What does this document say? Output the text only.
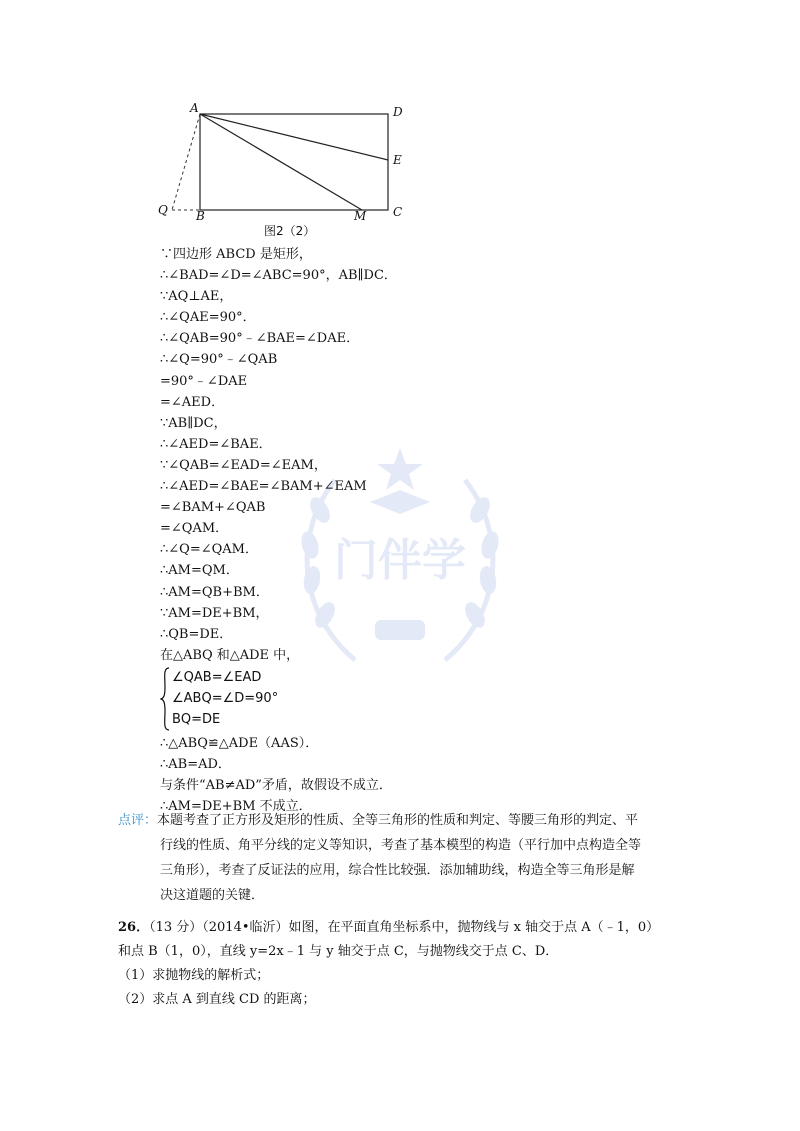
A	D
E
C
B	M
Q
图2（2）
门伴学
∵四边形 ABCD 是矩形，
∴∠BAD=∠D=∠ABC=90°，AB∥DC．
∵AQ⊥AE，
∴∠QAE=90°．
∴∠QAB=90°﹣∠BAE=∠DAE．
∴∠Q=90°﹣∠QAB
=90°﹣∠DAE
=∠AED．
∵AB∥DC，
∴∠AED=∠BAE．
∵∠QAB=∠EAD=∠EAM，
∴∠AED=∠BAE=∠BAM+∠EAM
=∠BAM+∠QAB
=∠QAM．
∴∠Q=∠QAM．
∴AM=QM．
∴AM=QB+BM．
∵AM=DE+BM，
∴QB=DE．
在△ABQ 和△ADE 中，
∠QAB=∠EAD
∠ABQ=∠D=90°
BQ=DE
∴△ABQ≌△ADE（AAS）．
∴AB=AD．
与条件“AB≠AD”矛盾，故假设不成立．
∴AM=DE+BM 不成立．
点评：本题考查了正方形及矩形的性质、全等三角形的性质和判定、等腰三角形的判定、平
行线的性质、角平分线的定义等知识，考查了基本模型的构造（平行加中点构造全等
三角形），考查了反证法的应用，综合性比较强．添加辅助线，构造全等三角形是解
决这道题的关键．
26．（13 分）（2014•临沂）如图，在平面直角坐标系中，抛物线与 x 轴交于点 A（﹣1，0）
和点 B（1，0），直线 y=2x﹣1 与 y 轴交于点 C，与抛物线交于点 C、D．
（1）求抛物线的解析式；
（2）求点 A 到直线 CD 的距离；
